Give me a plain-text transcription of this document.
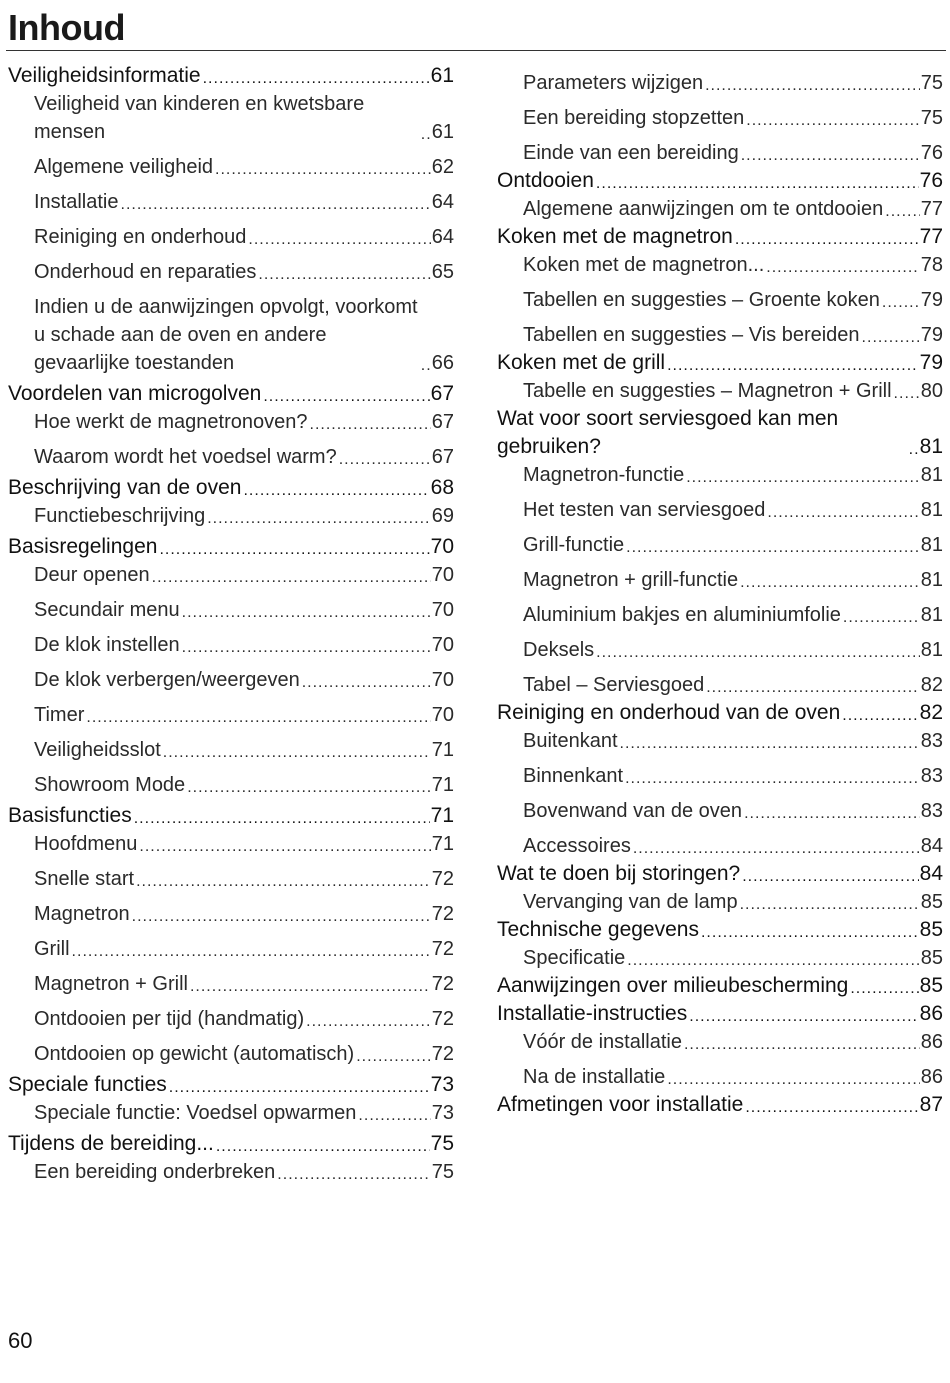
Inhoud
Veiligheidsinformatie .....	61
Veiligheid van kinderen en kwetsbare mensen .....	61
Algemene veiligheid .....	62
Installatie .....	64
Reiniging en onderhoud .....	64
Onderhoud en reparaties .....	65
Indien u de aanwijzingen opvolgt, voorkomt u schade aan de oven en andere gevaarlijke toestanden .....	66
Voordelen van microgolven .....	67
Hoe werkt de magnetronoven? .....	67
Waarom wordt het voedsel warm? .....	67
Beschrijving van de oven .....	68
Functiebeschrijving .....	69
Basisregelingen .....	70
Deur openen .....	70
Secundair menu .....	70
De klok instellen .....	70
De klok verbergen/weergeven .....	70
Timer .....	70
Veiligheidsslot .....	71
Showroom Mode .....	71
Basisfuncties .....	71
Hoofdmenu .....	71
Snelle start .....	72
Magnetron .....	72
Grill .....	72
Magnetron + Grill .....	72
Ontdooien per tijd (handmatig) .....	72
Ontdooien op gewicht (automatisch) .....	72
Speciale functies .....	73
Speciale functie: Voedsel opwarmen .....	73
Tijdens de bereiding... .....	75
Een bereiding onderbreken .....	75
Parameters wijzigen .....	75
Een bereiding stopzetten .....	75
Einde van een bereiding .....	76
Ontdooien .....	76
Algemene aanwijzingen om te ontdooien ..... 77
Koken met de magnetron .....	77
Koken met de magnetron... .....	78
Tabellen en suggesties – Groente koken ..... 79
Tabellen en suggesties – Vis bereiden .....	79
Koken met de grill .....	79
Tabelle en suggesties – Magnetron + Grill ..... 80
Wat voor soort serviesgoed kan men gebruiken? .....	81
Magnetron-functie .....	81
Het testen van serviesgoed .....	81
Grill-functie .....	81
Magnetron + grill-functie .....	81
Aluminium bakjes en aluminiumfolie .....	81
Deksels .....	81
Tabel – Serviesgoed .....	82
Reiniging en onderhoud van de oven .....	82
Buitenkant .....	83
Binnenkant .....	83
Bovenwand van de oven .....	83
Accessoires .....	84
Wat te doen bij storingen? .....	84
Vervanging van de lamp .....	85
Technische gegevens .....	85
Specificatie .....	85
Aanwijzingen over milieubescherming .....	85
Installatie-instructies .....	86
Vóór de installatie .....	86
Na de installatie .....	86
Afmetingen voor installatie .....	87
60
